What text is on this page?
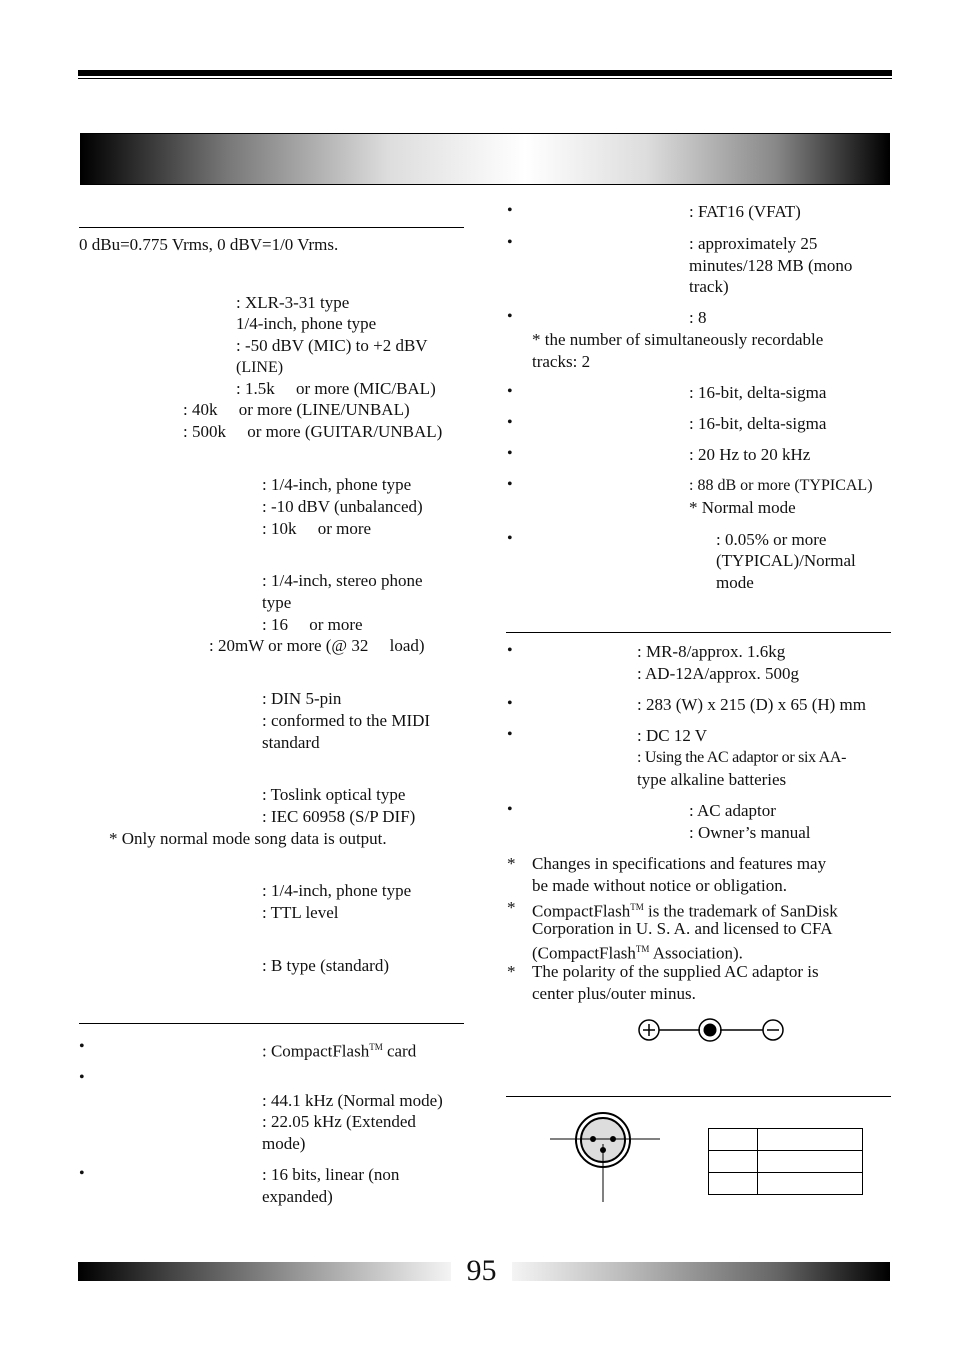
0 dBu=0.775 Vrms, 0 dBV=1/0 Vrms.
: XLR-3-31 type
1/4-inch, phone type
: -50 dBV (MIC) to +2 dBV
(LINE)
: 1.5k  or more (MIC/BAL)
: 40k  or more (LINE/UNBAL)
: 500k  or more (GUITAR/UNBAL)
: 1/4-inch, phone type
: -10 dBV (unbalanced)
: 10k  or more
: 1/4-inch, stereo phone
type
: 16  or more
: 20mW or more (@ 32  load)
: DIN 5-pin
: conformed to the MIDI
standard
: Toslink optical type
: IEC 60958 (S/P DIF)
* Only normal mode song data is output.
: 1/4-inch, phone type
: TTL level
: B type (standard)
•	: CompactFlash™ card
•
: 44.1 kHz (Normal mode)
: 22.05 kHz (Extended
mode)
•	: 16 bits, linear (non
expanded)
•	: FAT16 (VFAT)
•	: approximately 25
minutes/128 MB (mono
track)
•	: 8
* the number of simultaneously recordable
tracks: 2
•	: 16-bit, delta-sigma
•	: 16-bit, delta-sigma
•	: 20 Hz to 20 kHz
•	: 88 dB or more (TYPICAL)
* Normal mode
•	: 0.05% or more
(TYPICAL)/Normal
mode
•	: MR-8/approx. 1.6kg
: AD-12A/approx. 500g
•	: 283 (W) x 215 (D) x 65 (H) mm
•	: DC 12 V
: Using the AC adaptor or six AA-
type alkaline batteries
•	: AC adaptor
: Owner’s manual
* Changes in specifications and features may
be made without notice or obligation.
* CompactFlash™ is the trademark of SanDisk
Corporation in U. S. A. and licensed to CFA
(CompactFlash™ Association).
* The polarity of the supplied AC adaptor is
center plus/outer minus.

95
